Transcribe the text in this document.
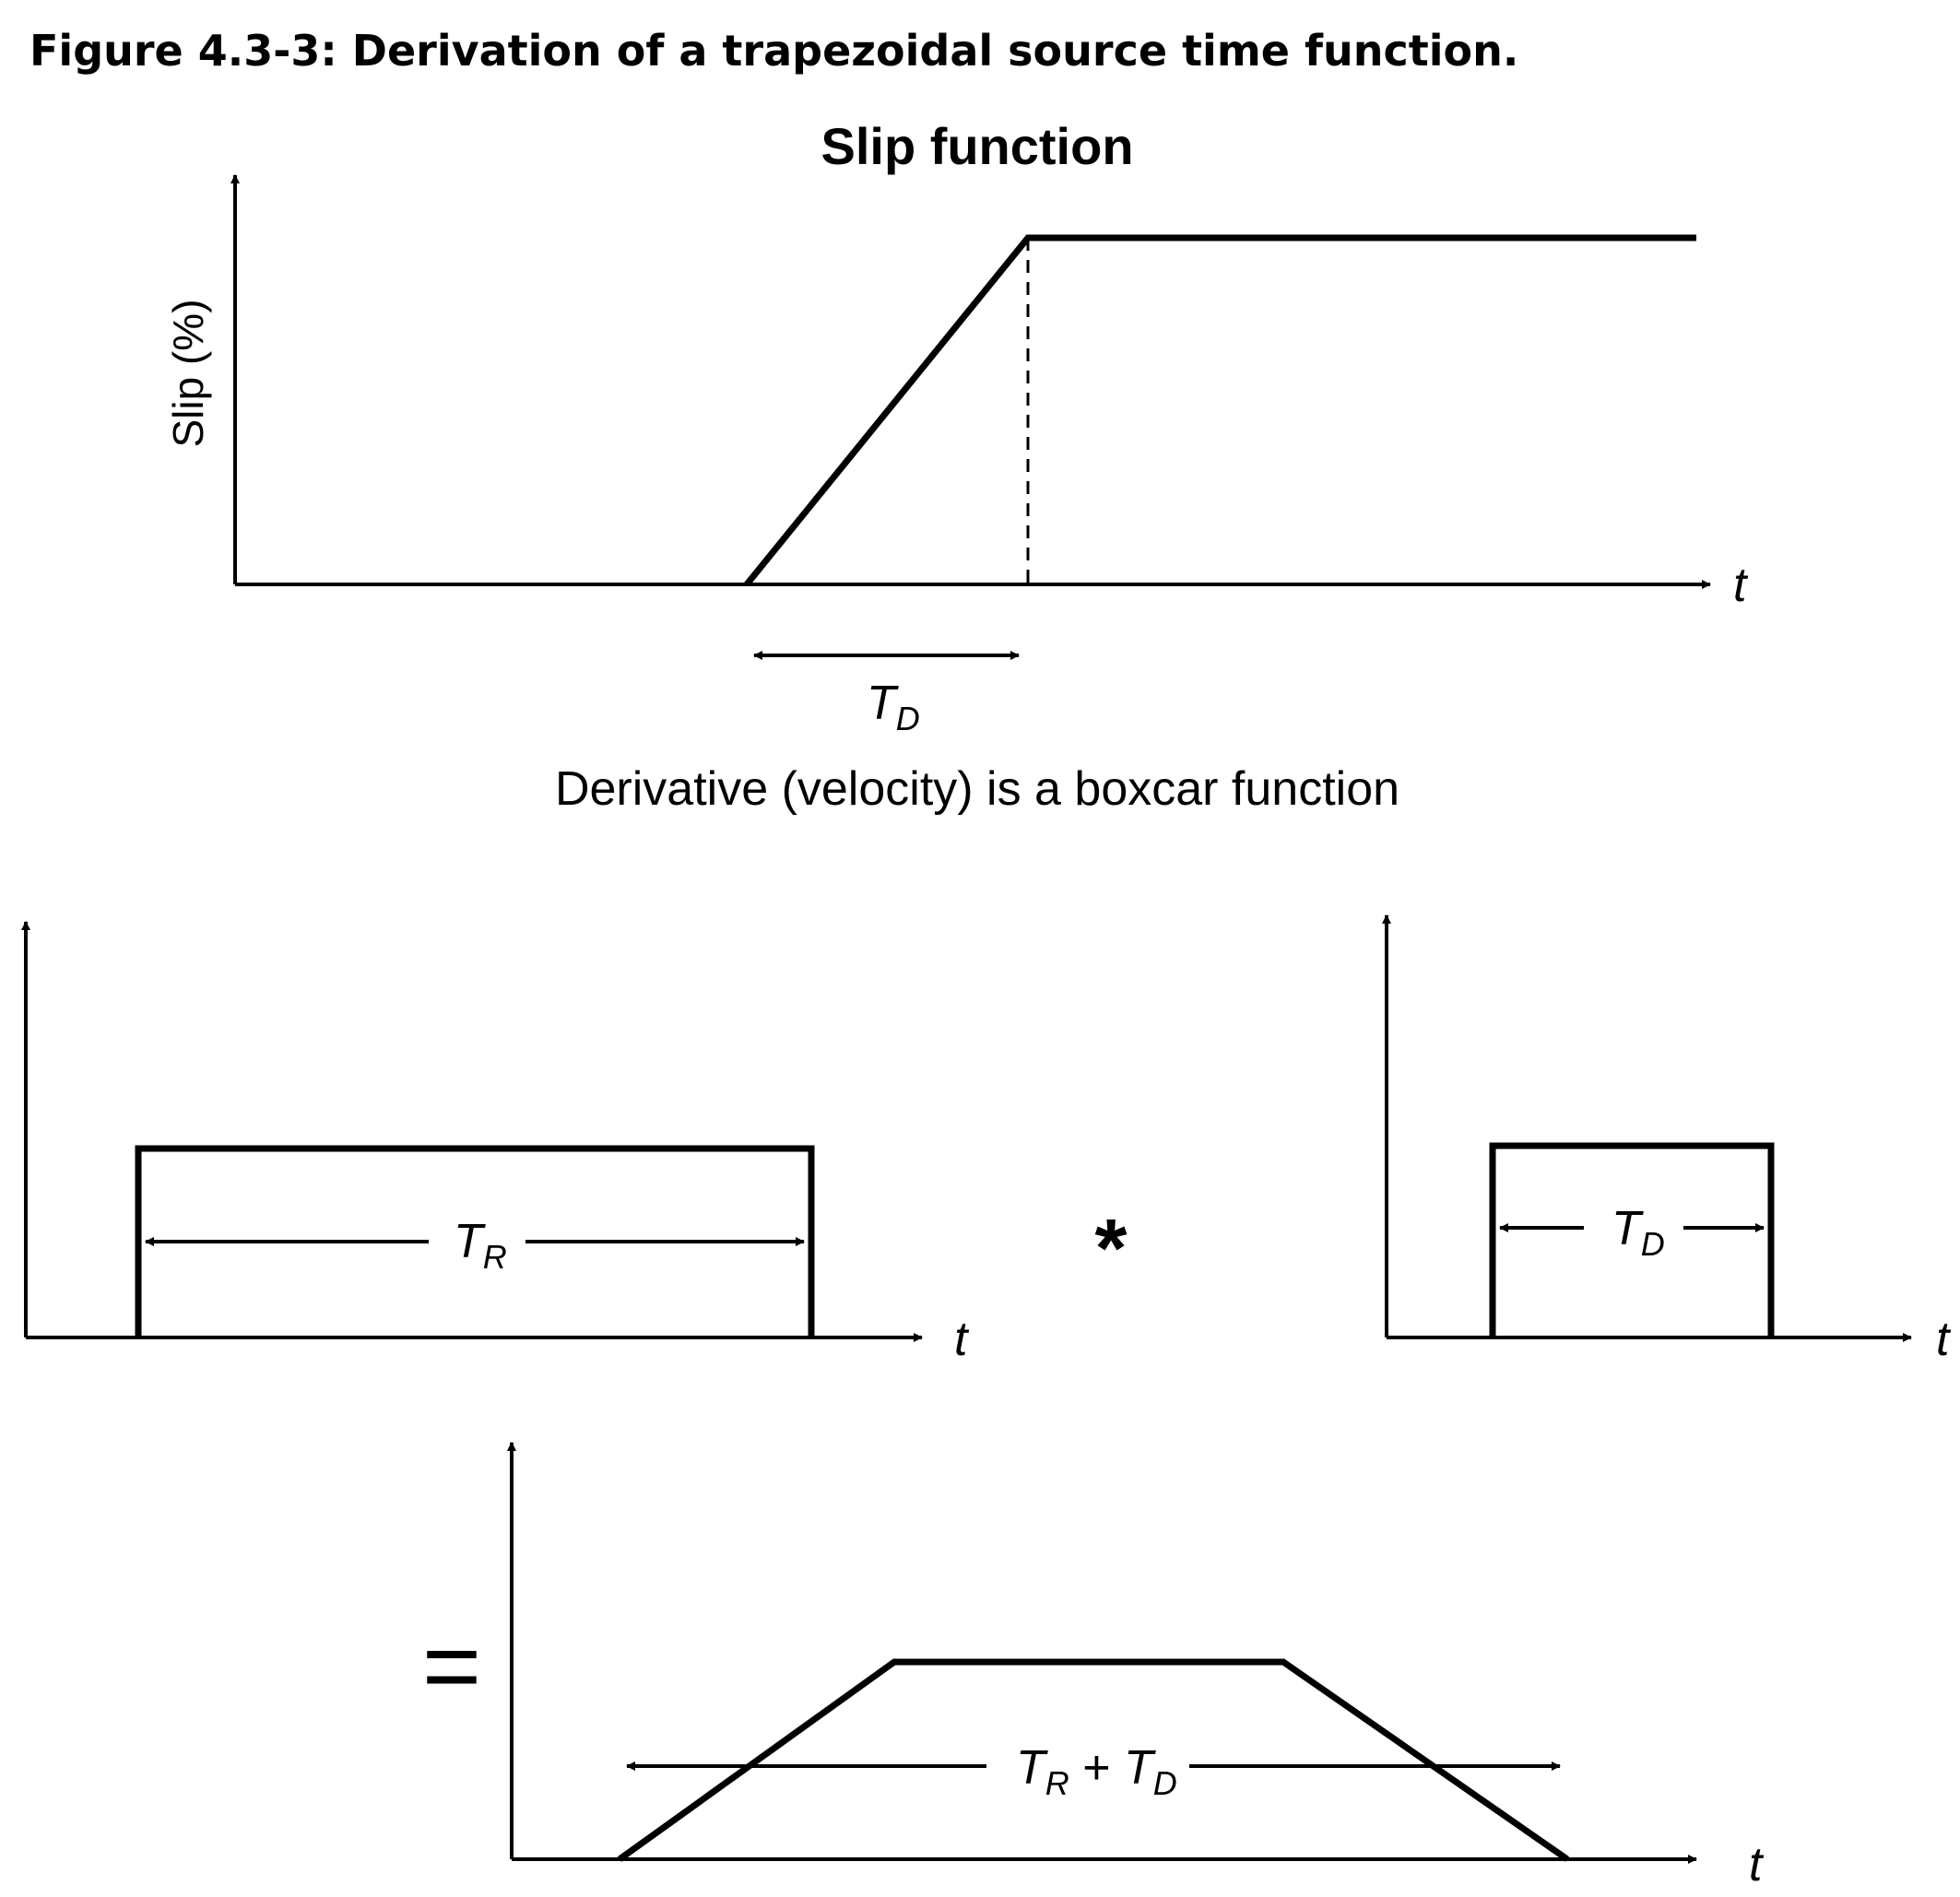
Figure 4.3-3: Derivation of a trapezoidal source time function.
Slip function
Slip (%)
t
$T_D$
Derivative (velocity) is a boxcar function
t
$T_R$	*
t
$T_D$
=
t
$T_R + T_D$
